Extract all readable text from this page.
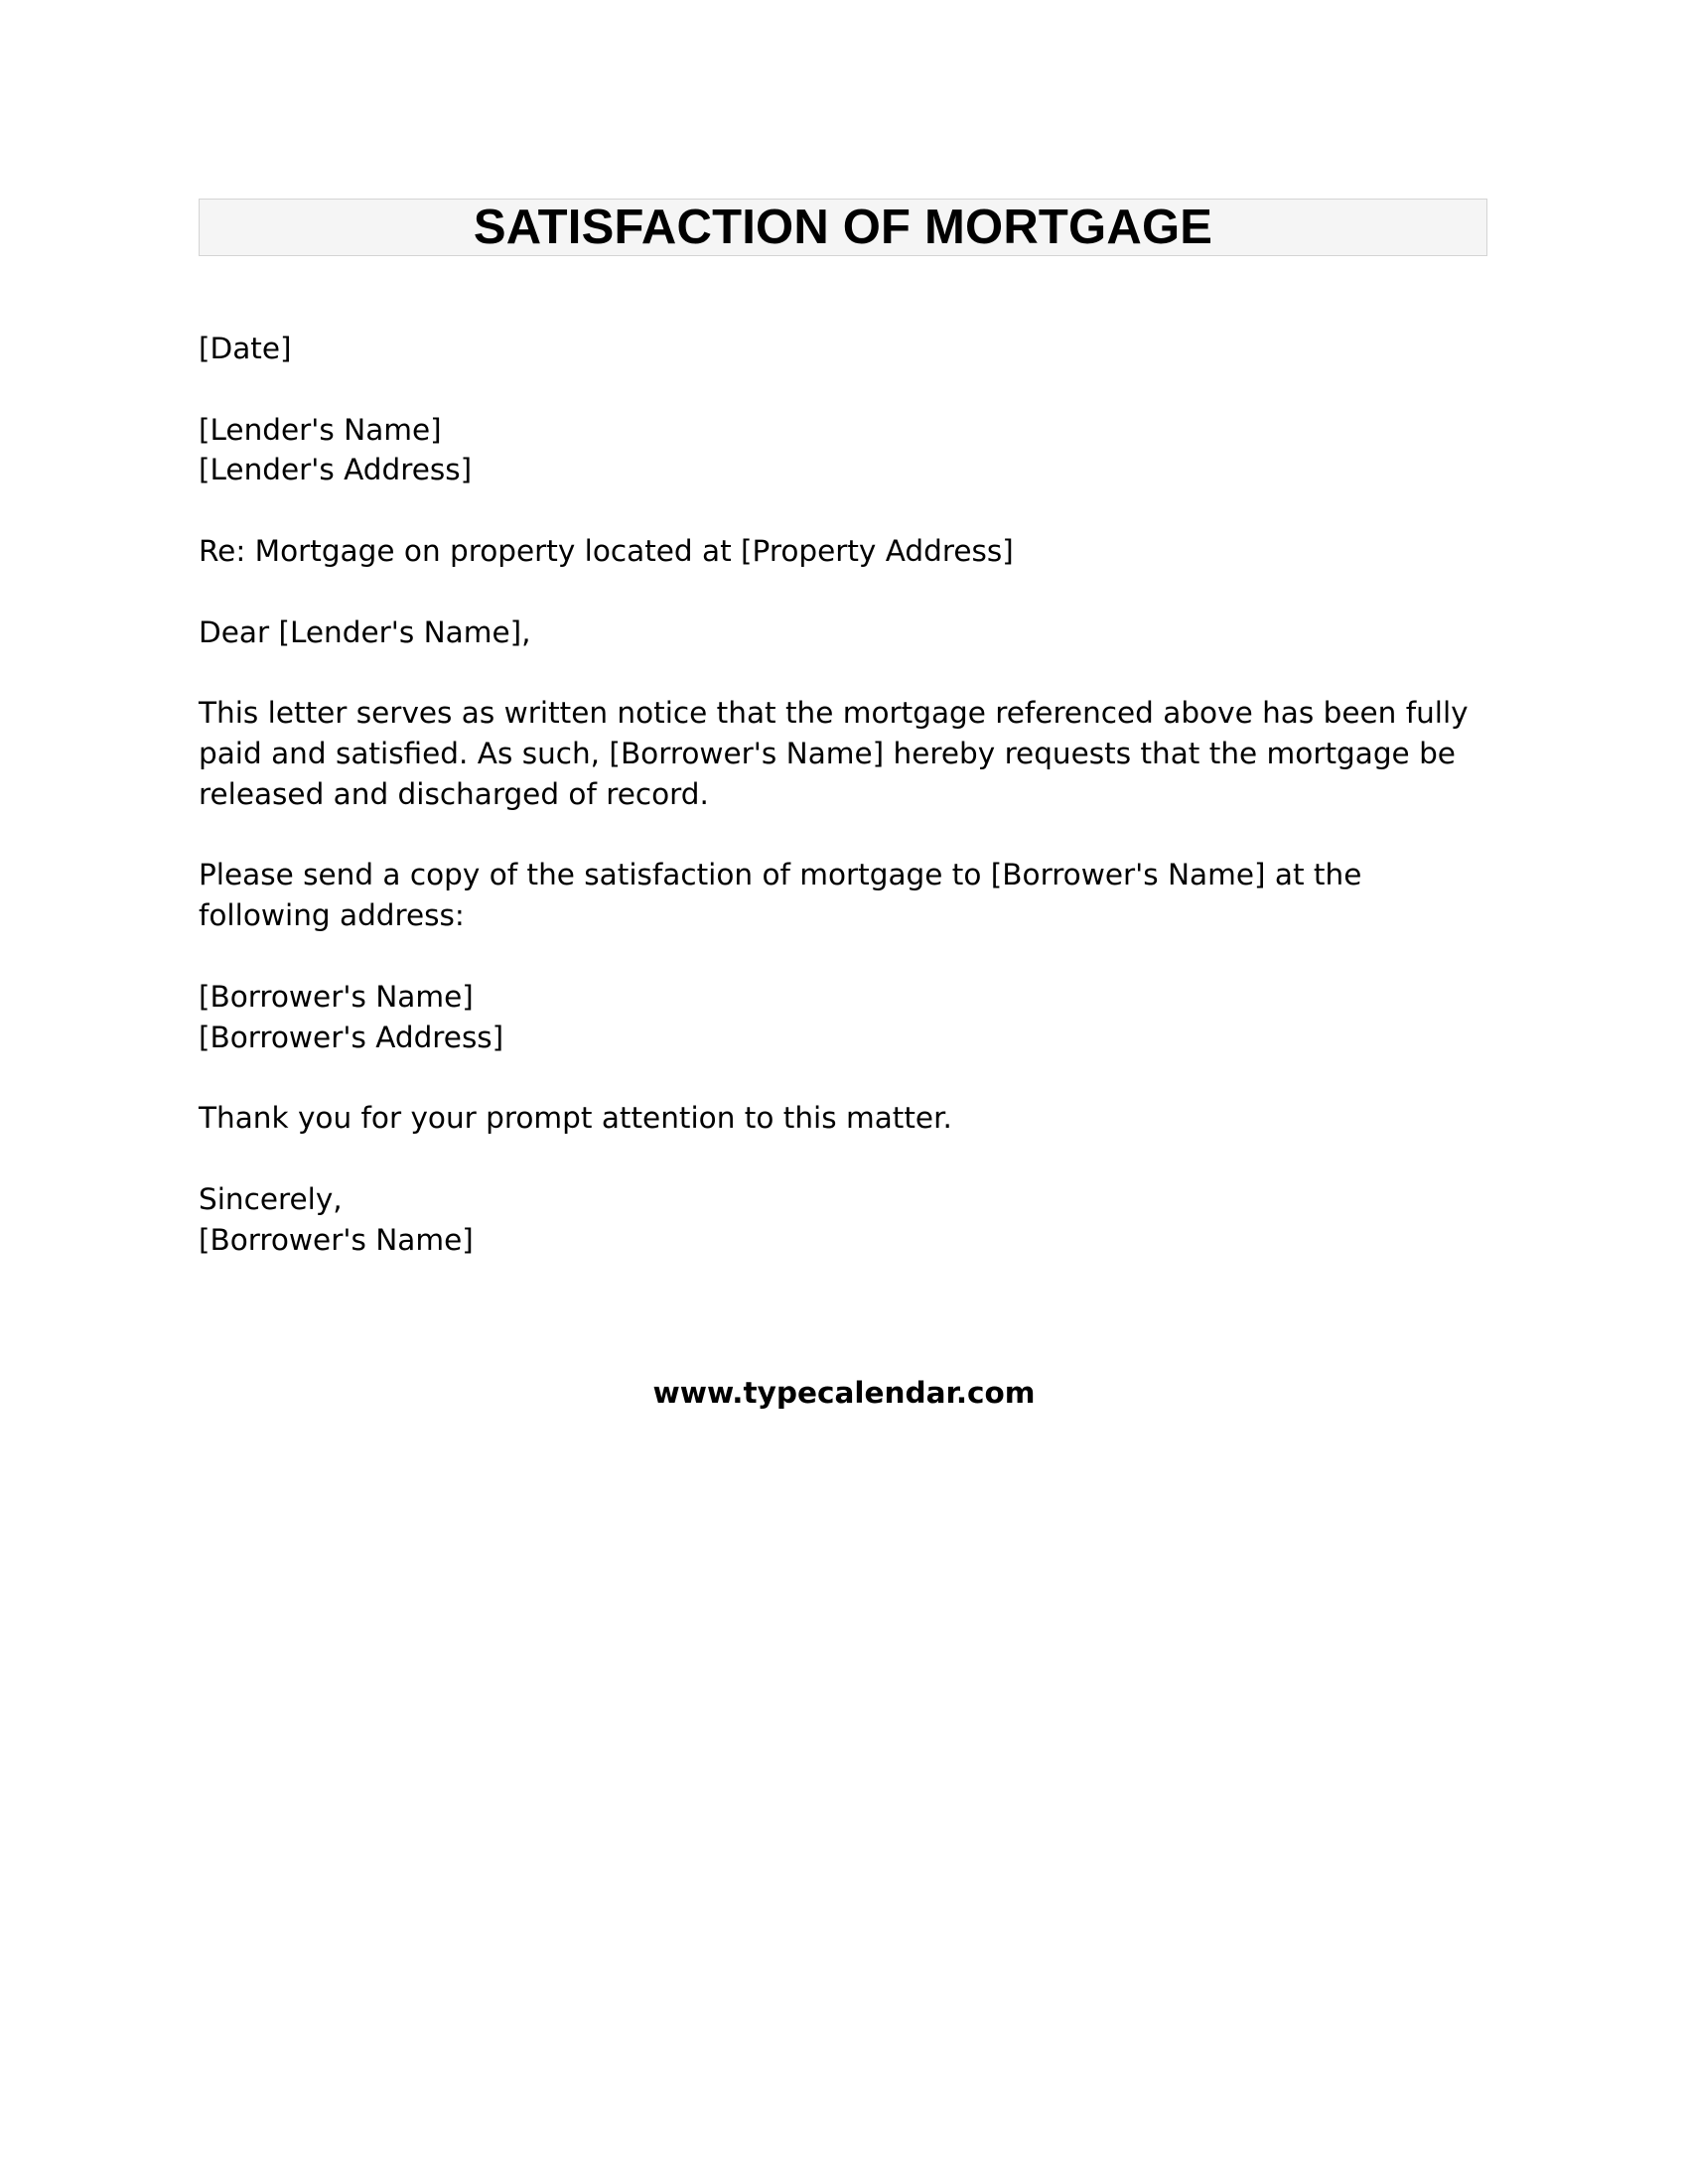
SATISFACTION OF MORTGAGE

[Date]

[Lender's Name]
[Lender's Address]

Re: Mortgage on property located at [Property Address]

Dear [Lender's Name],

This letter serves as written notice that the mortgage referenced above has been fully paid and satisfied. As such, [Borrower's Name] hereby requests that the mortgage be released and discharged of record.

Please send a copy of the satisfaction of mortgage to [Borrower's Name] at the following address:

[Borrower's Name]
[Borrower's Address]

Thank you for your prompt attention to this matter.

Sincerely,
[Borrower's Name]

www.typecalendar.com
